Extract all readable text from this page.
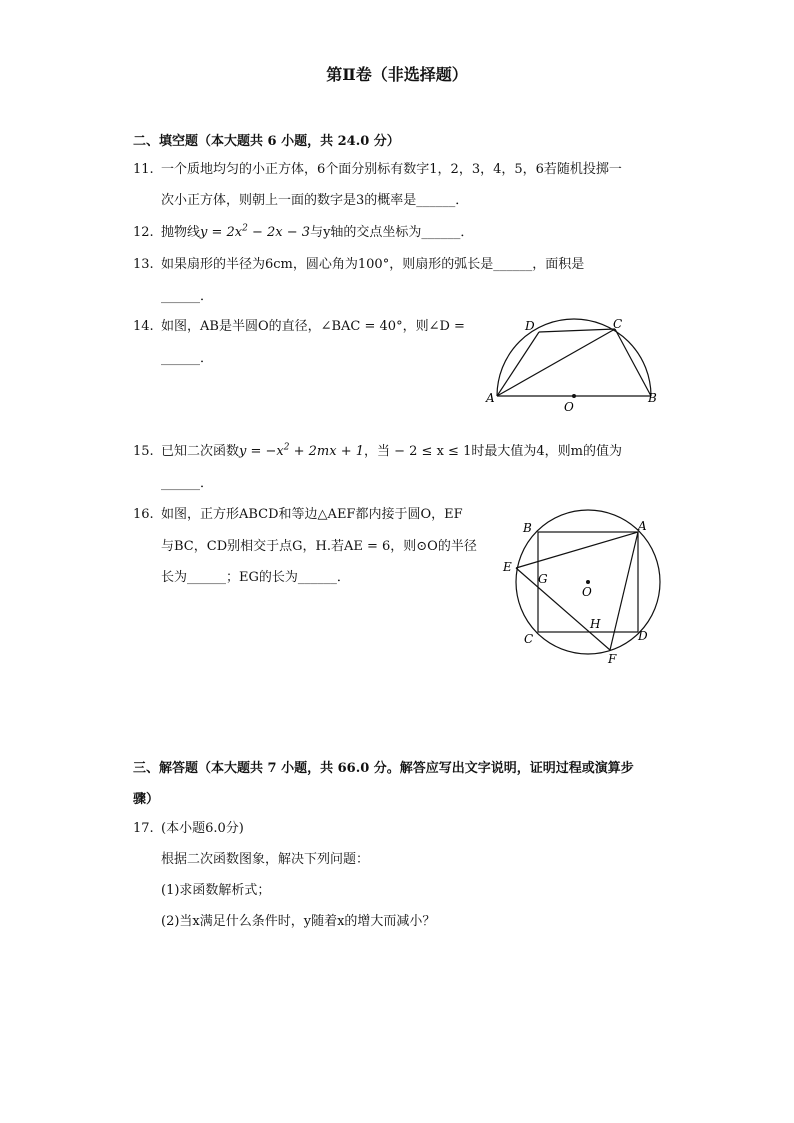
第Ⅱ卷（非选择题）
二、填空题（本大题共 6 小题，共 24.0 分）
11. 一个质地均匀的小正方体，6个面分别标有数字1，2，3，4，5，6若随机投掷一
次小正方体，则朝上一面的数字是3的概率是______．
12. 抛物线$y = 2x^2 - 2x - 3$与y轴的交点坐标为______．
13. 如果扇形的半径为6cm，圆心角为100°，则扇形的弧长是______，面积是
______．
14. 如图，AB是半圆O的直径，∠BAC = 40°，则∠D =
______．
A	B
C
D
O
15. 已知二次函数$y = -x^2 + 2mx + 1$，当 − 2 ≤ x ≤ 1时最大值为4，则m的值为
______．
16. 如图，正方形ABCD和等边△AEF都内接于圆O，EF
与BC，CD别相交于点G，H.若AE = 6，则⊙O的半径
长为______；EG的长为______．
A
B
C	D
E
F
G
H
O
三、解答题（本大题共 7 小题，共 66.0 分。解答应写出文字说明，证明过程或演算步
骤）
17. (本小题6.0分)
根据二次函数图象，解决下列问题：
(1)求函数解析式；
(2)当x满足什么条件时，y随着x的增大而减小？
